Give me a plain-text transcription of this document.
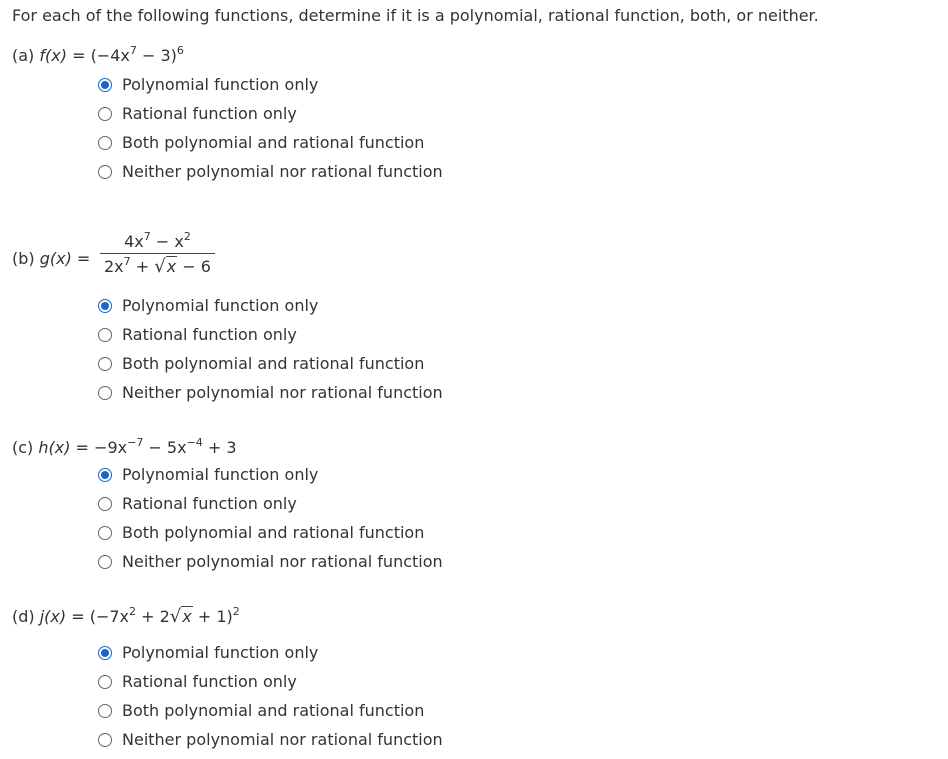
For each of the following functions, determine if it is a polynomial, rational function, both, or neither.
(a) $f(x) = (-4x^7 - 3)^6$
Polynomial function only
Rational function only
Both polynomial and rational function
Neither polynomial nor rational function
(b) $g(x) = \frac{4x^7 - x^2}{2x^7 + √x - 6}$
Polynomial function only
Rational function only
Both polynomial and rational function
Neither polynomial nor rational function
(c) $h(x) = -9x^{-7} - 5x^{-4} + 3$
Polynomial function only
Rational function only
Both polynomial and rational function
Neither polynomial nor rational function
(d) $j(x) = (-7x^2 + 2√x + 1)^2$
Polynomial function only
Rational function only
Both polynomial and rational function
Neither polynomial nor rational function
